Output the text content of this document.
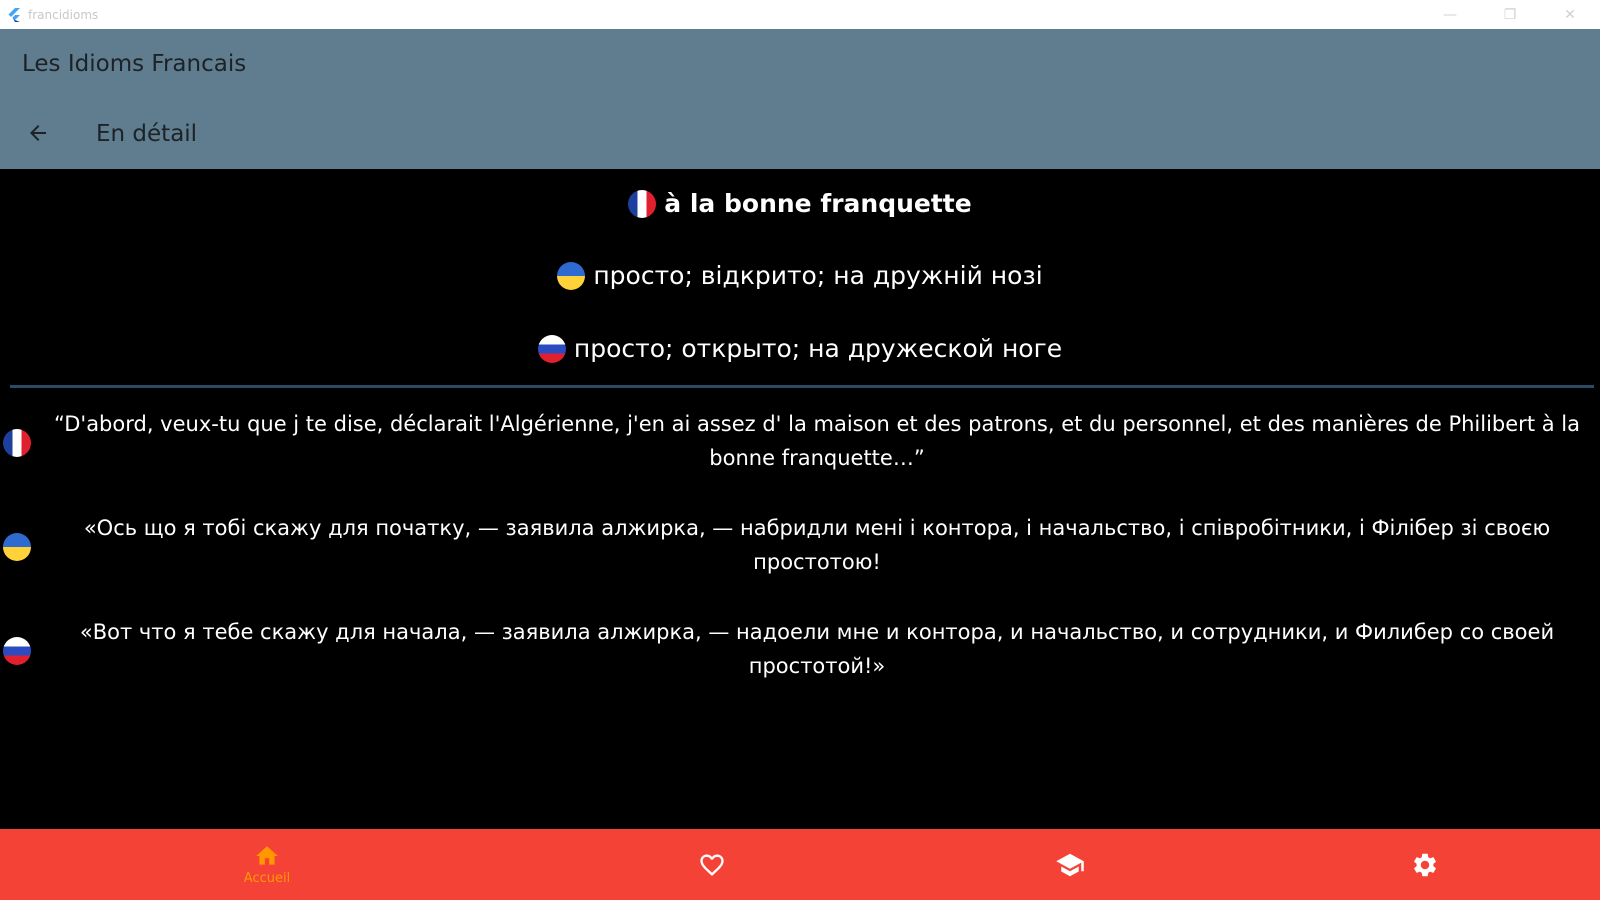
francidioms	—	❐	✕
Les Idioms Francais
En détail
à la bonne franquette
просто; відкрито; на дружній нозі
просто; открыто; на дружеской ноге
“D'abord, veux-tu que j te dise, déclarait l'Algérienne, j'en ai assez d' la maison et des patrons, et du personnel, et des manières de Philibert à la bonne franquette…”
«Ось що я тобі скажу для початку, — заявила алжирка, — набридли мені і контора, і начальство, і співробітники, і Філібер зі своєю простотою!
«Вот что я тебе скажу для начала, — заявила алжирка, — надоели мне и контора, и начальство, и сотрудники, и Филибер со своей простотой!»
Accueil
